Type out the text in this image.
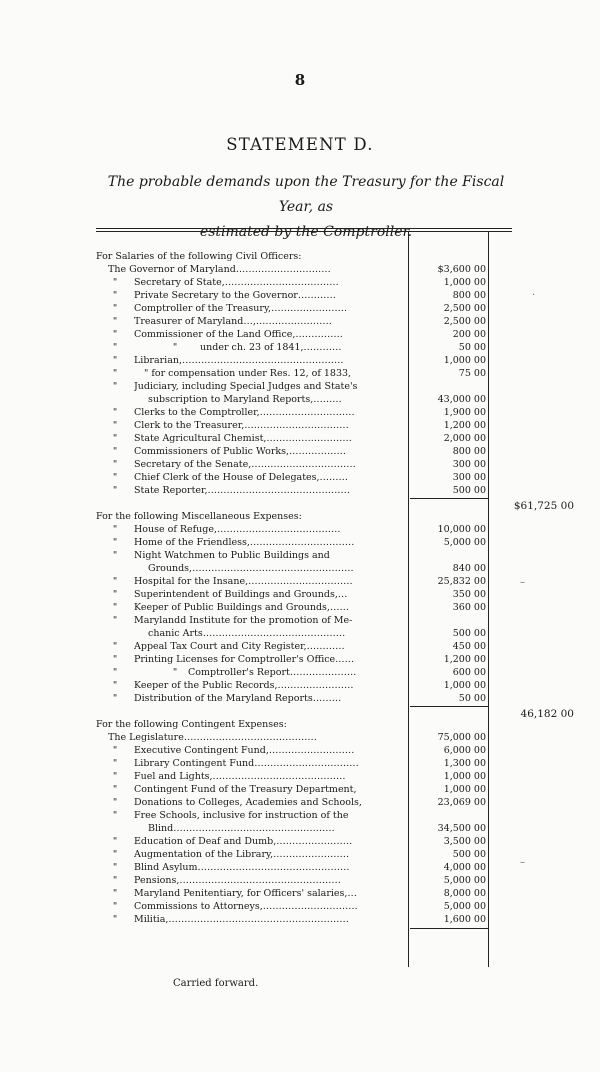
8
STATEMENT D.
The probable demands upon the Treasury for the Fiscal Year, as
estimated by the Comptroller.
For Salaries of the following Civil Officers:
The Governor of Maryland…………………………	$3,600 00
" Secretary of State,………………………………	1,000 00
" Private Secretary to the Governor…………	800 00
" Comptroller of the Treasury,……………………	2,500 00
" Treasurer of Maryland…,……………………	2,500 00
" Commissioner of the Land Office,……………	200 00
"	" under ch. 23 of 1841,…………	50 00
" Librarian,……………………………………………	1,000 00
"	" for compensation under Res. 12, of 1833,	75 00
" Judiciary, including Special Judges and State's
subscription to Maryland Reports,………	43,000 00
" Clerks to the Comptroller,…………………………	1,900 00
" Clerk to the Treasurer,……………………………	1,200 00
" State Agricultural Chemist,………………………	2,000 00
" Commissioners of Public Works,………………	800 00
" Secretary of the Senate,……………………………	300 00
" Chief Clerk of the House of Delegates,………	300 00
" State Reporter,………………………………………	500 00
$61,725 00
For the following Miscellaneous Expenses:
" House of Refuge,…………………………………	10,000 00
" Home of the Friendless,……………………………	5,000 00
" Night Watchmen to Public Buildings and
Grounds,……………………………………………	840 00
" Hospital for the Insane,……………………………	25,832 00
" Superintendent of Buildings and Grounds,…	350 00
" Keeper of Public Buildings and Grounds,……	360 00
" Marylandd Institute for the promotion of Me-
chanic Arts………………………………………	500 00
" Appeal Tax Court and City Register,…………	450 00
" Printing Licenses for Comptroller's Office……	1,200 00
"	" Comptroller's Report…………………	600 00
" Keeper of the Public Records,……………………	1,000 00
" Distribution of the Maryland Reports………	50 00
46,182 00
For the following Contingent Expenses:
The Legislature……………………………………	75,000 00
" Executive Contingent Fund,………………………	6,000 00
" Library Contingent Fund……………………………	1,300 00
" Fuel and Lights,……………………………………	1,000 00
" Contingent Fund of the Treasury Department,	1,000 00
" Donations to Colleges, Academies and Schools,	23,069 00
" Free Schools, inclusive for instruction of the
Blind……………………………………………	34,500 00
" Education of Deaf and Dumb,……………………	3,500 00
" Augmentation of the Library,……………………	500 00
" Blind Asylum…………………………………………	4,000 00
" Pensions,……………………………………………	5,000 00
" Maryland Penitentiary, for Officers' salaries,…	8,000 00
" Commissions to Attorneys,…………………………	5,000 00
" Militia,…………………………………………………	1,600 00
Carried forward.
·
–
–
